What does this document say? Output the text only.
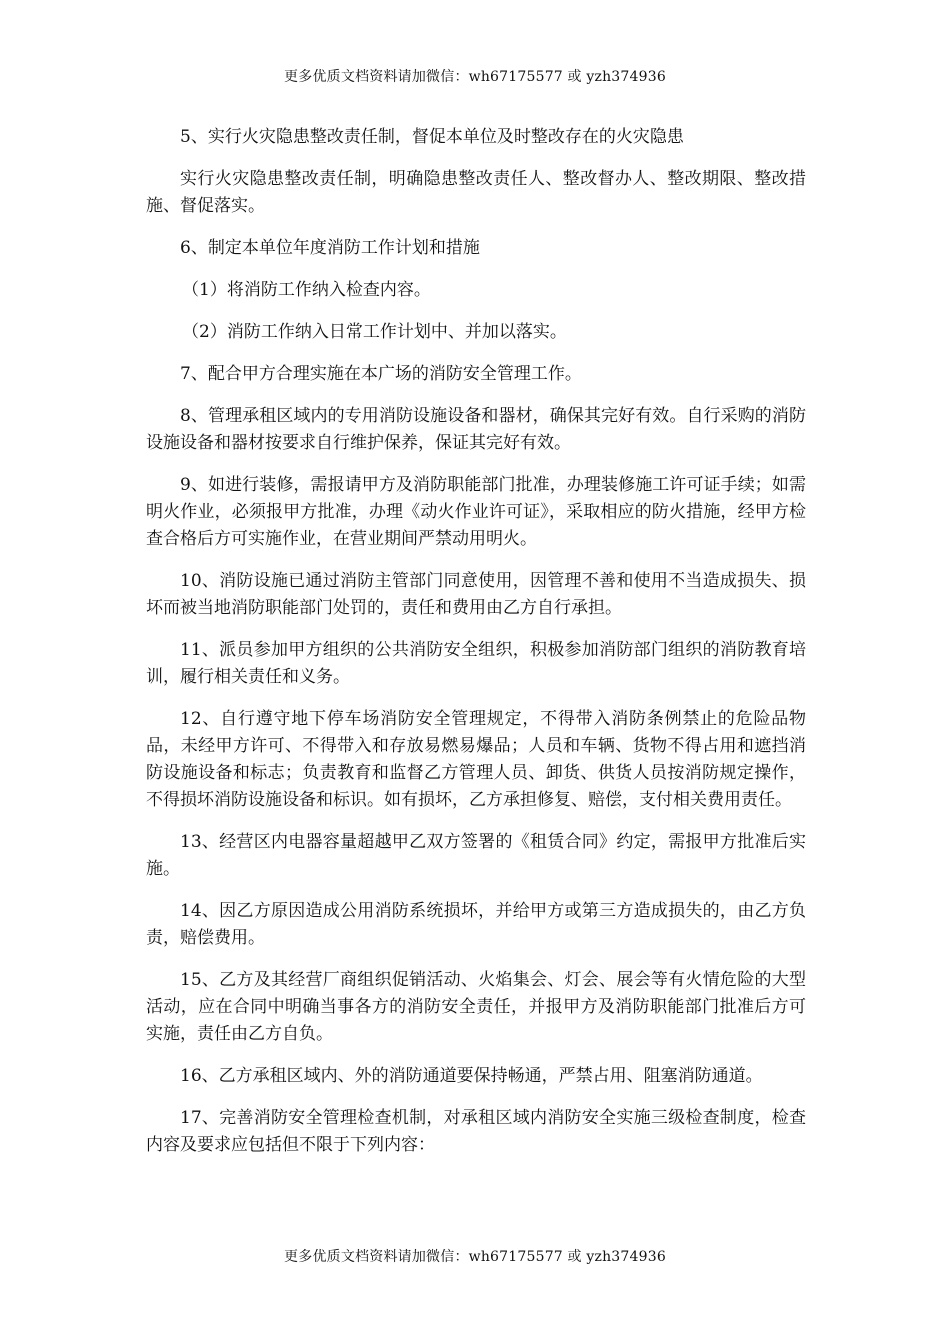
更多优质文档资料请加微信：wh67175577 或 yzh374936

5、实行火灾隐患整改责任制，督促本单位及时整改存在的火灾隐患

实行火灾隐患整改责任制，明确隐患整改责任人、整改督办人、整改期限、整改措施、督促落实。

6、制定本单位年度消防工作计划和措施

（1）将消防工作纳入检查内容。

（2）消防工作纳入日常工作计划中、并加以落实。

7、配合甲方合理实施在本广场的消防安全管理工作。

8、管理承租区域内的专用消防设施设备和器材，确保其完好有效。自行采购的消防设施设备和器材按要求自行维护保养，保证其完好有效。

9、如进行装修，需报请甲方及消防职能部门批准，办理装修施工许可证手续；如需明火作业，必须报甲方批准，办理《动火作业许可证》，采取相应的防火措施，经甲方检查合格后方可实施作业，在营业期间严禁动用明火。

10、消防设施已通过消防主管部门同意使用，因管理不善和使用不当造成损失、损坏而被当地消防职能部门处罚的，责任和费用由乙方自行承担。

11、派员参加甲方组织的公共消防安全组织，积极参加消防部门组织的消防教育培训，履行相关责任和义务。

12、自行遵守地下停车场消防安全管理规定，不得带入消防条例禁止的危险品物品，未经甲方许可、不得带入和存放易燃易爆品；人员和车辆、货物不得占用和遮挡消防设施设备和标志；负责教育和监督乙方管理人员、卸货、供货人员按消防规定操作，不得损坏消防设施设备和标识。如有损坏，乙方承担修复、赔偿，支付相关费用责任。

13、经营区内电器容量超越甲乙双方签署的《租赁合同》约定，需报甲方批准后实施。

14、因乙方原因造成公用消防系统损坏，并给甲方或第三方造成损失的，由乙方负责，赔偿费用。

15、乙方及其经营厂商组织促销活动、火焰集会、灯会、展会等有火情危险的大型活动，应在合同中明确当事各方的消防安全责任，并报甲方及消防职能部门批准后方可实施，责任由乙方自负。

16、乙方承租区域内、外的消防通道要保持畅通，严禁占用、阻塞消防通道。

17、完善消防安全管理检查机制，对承租区域内消防安全实施三级检查制度，检查内容及要求应包括但不限于下列内容：

更多优质文档资料请加微信：wh67175577 或 yzh374936
